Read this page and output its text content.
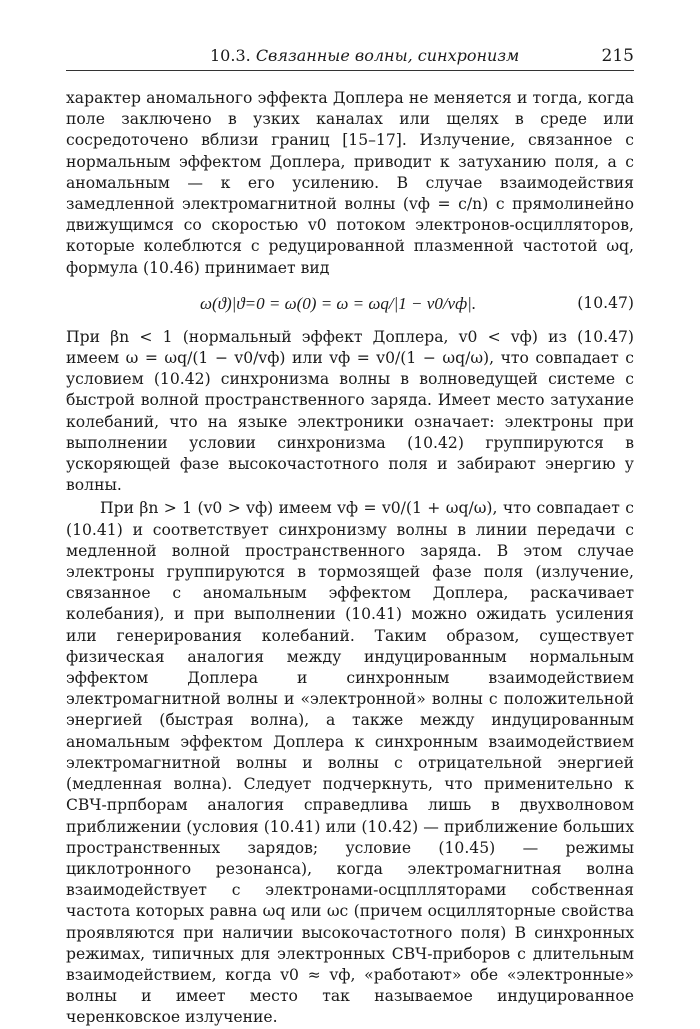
10.3. Связанные волны, синхронизм	215

характер аномального эффекта Доплера не меняется и тогда, когда поле заключено в узких каналах или щелях в среде или сосредоточено вблизи границ [15–17]. Излучение, связанное с нормальным эффектом Доплера, приводит к затуханию поля, а с аномальным — к его усилению. В случае взаимодействия замедленной электромагнитной волны (vф = c/n) с прямолинейно движущимся со скоростью v0 потоком электронов-осцилляторов, которые колеблются с редуцированной плазменной частотой ωq, формула (10.46) принимает вид

ω(ϑ)|ϑ=0 = ω(0) = ω = ωq/|1 − v0/vф|.	(10.47)

При βn < 1 (нормальный эффект Доплера, v0 < vф) из (10.47) имеем ω = ωq/(1 − v0/vф) или vф = v0/(1 − ωq/ω), что совпадает с условием (10.42) синхронизма волны в волноведущей системе с быстрой волной пространственного заряда. Имеет место затухание колебаний, что на языке электроники означает: электроны при выполнении условии синхронизма (10.42) группируются в ускоряющей фазе высокочастотного поля и забирают энергию у волны.

При βn > 1 (v0 > vф) имеем vф = v0/(1 + ωq/ω), что совпадает с (10.41) и соответствует синхронизму волны в линии передачи с медленной волной пространственного заряда. В этом случае электроны группируются в тормозящей фазе поля (излучение, связанное с аномальным эффектом Доплера, раскачивает колебания), и при выполнении (10.41) можно ожидать усиления или генерирования колебаний. Таким образом, существует физическая аналогия между индуцированным нормальным эффектом Доплера и синхронным взаимодействием электромагнитной волны и «электронной» волны с положительной энергией (быстрая волна), а также между индуцированным аномальным эффектом Доплера к синхронным взаимодействием электромагнитной волны и волны с отрицательной энергией (медленная волна). Следует подчеркнуть, что применительно к СВЧ-прпборам аналогия справедлива лишь в двухволновом приближении (условия (10.41) или (10.42) — приближение больших пространственных зарядов; условие (10.45) — режимы циклотронного резонанса), когда электромагнитная волна взаимодействует с электронами-осцплляторами собственная частота которых равна ωq или ωc (причем осцилляторные свойства проявляются при наличии высокочастотного поля) В синхронных режимах, типичных для электронных СВЧ-приборов с длительным взаимодействием, когда v0 ≈ vф, «работают» обе «электронные» волны и имеет место так называемое индуцированное черенковское излучение.
